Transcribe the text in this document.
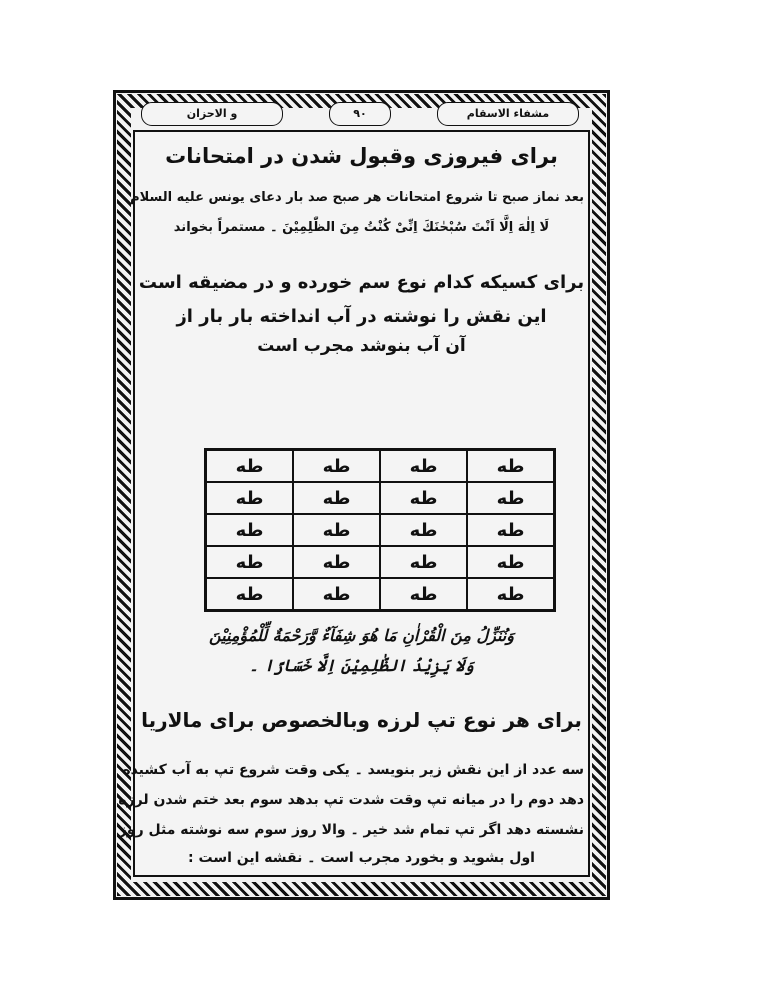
و الاحزان	۹۰	مشفاء الاسقام
برای فیروزی وقبول شدن در امتحانات
بعد نماز صبح تا شروع امتحانات هر صبح صد بار دعای یونس علیه السلام
لَا اِلٰهَ اِلَّا اَنْتَ سُبْحٰنَكَ اِنِّیْ كُنْتُ مِنَ الظّٰلِمِیْنَ ۔ مستمراً بخواند
برای کسیکه کدام نوع سم خورده و در مضیقه است
این نقش را نوشته در آب انداخته بار بار از
آن آب بنوشد مجرب است
طه	طه	طه	طه
طه	طه	طه	طه
طه	طه	طه	طه
طه	طه	طه	طه
طه	طه	طه	طه
وَنُنَزِّلُ مِنَ الْقُرْاٰنِ مَا هُوَ شِفَآءٌ وَّرَحْمَةٌ لِّلْمُؤْمِنِیْنَ
وَلَا یَزِیْدُ الظّٰلِمِیْنَ اِلَّا خَسَارًا ۔
برای هر نوع تپ لرزه وبالخصوص برای مالاریا
سه عدد از این نقش زیر بنویسد ۔ یکی وقت شروع تپ به آب کشیده
دهد دوم را در میانه تپ وقت شدت تپ بدهد سوم بعد ختم شدن لرزه
نشسته دهد اگر تپ تمام شد خیر ۔ والا روز سوم سه نوشته مثل روز
اول بشوید و بخورد مجرب است ۔ نقشه این است :
